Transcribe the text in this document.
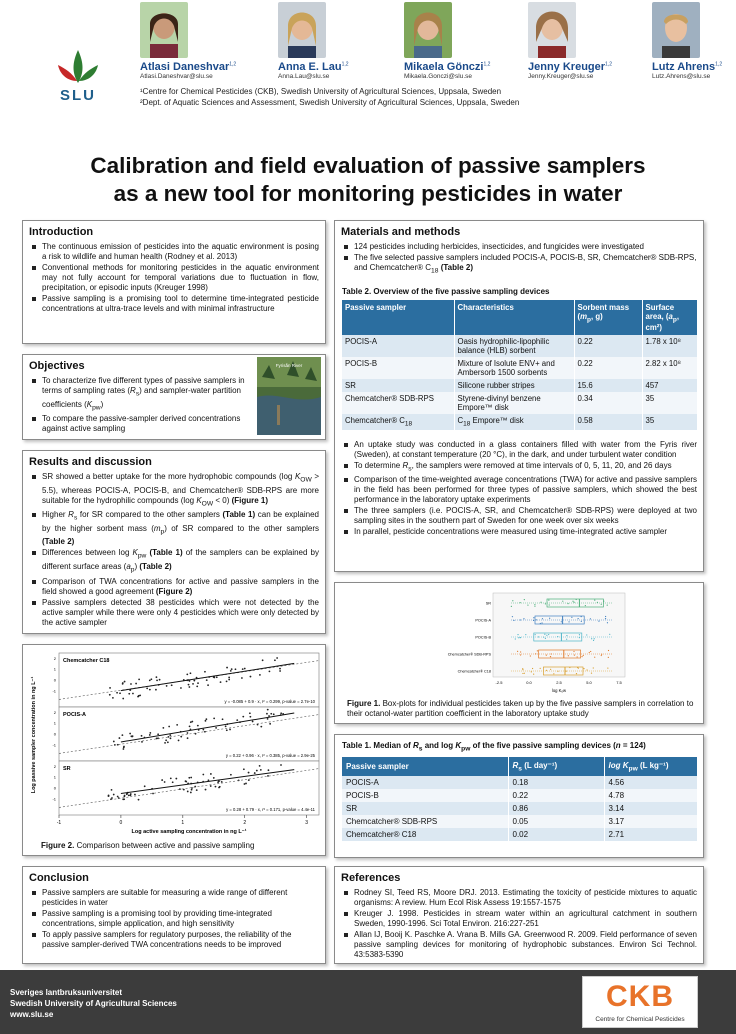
SLU
Atlasi Daneshvar$^{1,2}$
Atlasi.Daneshvar@slu.se
Anna E. Lau$^{1,2}$
Anna.Lau@slu.se
Mikaela Gönczi$^{1,2}$
Mikaela.Gonczi@slu.se
Jenny Kreuger$^{1,2}$
Jenny.Kreuger@slu.se
Lutz Ahrens$^{1,2}$
Lutz.Ahrens@slu.se
¹Centre for Chemical Pesticides (CKB), Swedish University of Agricultural Sciences, Uppsala, Sweden
²Dept. of Aquatic Sciences and Assessment, Swedish University of Agricultural Sciences, Uppsala, Sweden
Calibration and field evaluation of passive samplers
as a new tool for monitoring pesticides in water
Introduction
The continuous emission of pesticides into the aquatic environment is posing a risk to wildlife and human health (Rodney et al. 2013)
Conventional methods for monitoring pesticides in the aquatic environment may not fully account for temporal variations due to fluctuation in flow, precipitation, or episodic inputs (Kreuger 1998)
Passive sampling is a promising tool to determine time-integrated pesticide concentrations at ultra-trace levels and with minimal infrastructure
Objectives
To characterize five different types of passive samplers in terms of sampling rates $(R_s)$ and sampler-water partition coefficients $(K_{pw})$
To compare the passive-sampler derived concentrations against active sampling
Fyrisån River
Results and discussion
SR showed a better uptake for the more hydrophobic compounds (log $K_{OW} > 5.5$), whereas POCIS-A, POCIS-B, and Chemcatcher® SDB-RPS are more suitable for the hydrophilic compounds (log $K_{OW} < 0$) (Figure 1)
Higher $R_s$ for SR compared to the other samplers (Table 1) can be explained by the higher sorbent mass $(m_p)$ of SR compared to the other samplers (Table 2)
Differences between $\log K_{pw}$ (Table 1) of the samplers can be explained by different surface areas $(a_p)$ (Table 2)
Comparison of TWA concentrations for active and passive samplers in the field showed a good agreement (Figure 2)
Passive samplers detected 38 pesticides which were not detected by the active sampler while there were only 4 pesticides which were only detected by the active sampler
Chemcatcher C18
y = -0.085 + 0.9 · x, r² = 0.299, p-value = 2.7e-10
2
1
0
-1
POCIS-A
y = 0.22 + 0.96 · x, r² = 0.385, p-value = 2.9e-25
2
1
0
-1
SR
y = 0.28 + 0.79 · x, r² = 0.171, p-value = 4.4e-11
2
1
0
-1
-1	0	1	2	3
Log active sampling concentration in ng L⁻¹
Log passive sampler concentration in ng L⁻¹
Figure 2. Comparison between active and passive sampling
Conclusion
Passive samplers are suitable for measuring a wide range of different pesticides in water
Passive sampling is a promising tool by providing time-integrated concentrations, simple application, and high sensitivity
To apply passive samplers for regulatory purposes, the reliability of the passive sampler-derived TWA concentrations needs to be improved
Materials and methods
124 pesticides including herbicides, insecticides, and fungicides were investigated
The five selected passive samplers included POCIS-A, POCIS-B, SR, Chemcatcher® SDB-RPS, and Chemcatcher® $C_{18}$ (Table 2)
Table 2. Overview of the five passive sampling devices
Passive sampler	Characteristics	Sorbent mass ($m_p$, g)	Surface area, ($a_p$, cm²)
POCIS-A	Oasis hydrophilic-lipophilic balance (HLB) sorbent	0.22	1.78 x 10⁸
POCIS-B	Mixture of Isolute ENV+ and Ambersorb 1500 sorbents	0.22	2.82 x 10⁸
SR	Silicone rubber stripes	15.6	457
Chemcatcher® SDB-RPS	Styrene-divinyl benzene Empore™ disk	0.34	35
Chemcatcher® $C_{18}$	$C_{18}$ Empore™ disk	0.58	35
An uptake study was conducted in a glass containers filled with water from the Fyris river (Sweden), at constant temperature (20 °C), in the dark, and under turbulent water condition
To determine $R_s$, the samplers were removed at time intervals of 0, 5, 11, 20, and 26 days
Comparison of the time-weighted average concentrations (TWA) for active and passive samplers in the field has been performed for three types of passive samplers, which showed the best performance in the laboratory uptake experiments
The three samplers (i.e. POCIS-A, SR, and Chemcatcher® SDB-RPS) were deployed at two sampling sites in the southern part of Sweden for one week over six weeks
In parallel, pesticide concentrations were measured using time-integrated active sampler
SR
POCIS-A
POCIS-B
Chemcatcher® SDB-RPS
Chemcatcher® C18
-2.5	0.0	2.5	5.0	7.5
log Kₒw
Figure 1. Box-plots for individual pesticides taken up by the five passive samplers in correlation to their octanol-water partition coefficient in the laboratory uptake study
Table 1. Median of $R_s$ and $\log K_{pw}$ of the five passive sampling devices (n = 124)
Passive sampler	$R_s$ (L day⁻¹)	$\log K_{pw}$ (L kg⁻¹)
POCIS-A	0.18	4.56
POCIS-B	0.22	4.78
SR	0.86	3.14
Chemcatcher® SDB-RPS	0.05	3.17
Chemcatcher® C18	0.02	2.71
References
Rodney SI, Teed RS, Moore DRJ. 2013. Estimating the toxicity of pesticide mixtures to aquatic organisms: A review. Hum Ecol Risk Assess 19:1557-1575
Kreuger J. 1998. Pesticides in stream water within an agricultural catchment in southern Sweden, 1990-1996. Sci Total Environ. 216:227-251
Allan IJ, Booij K. Paschke A. Vrana B. Mills GA. Greenwood R. 2009. Field performance of seven passive sampling devices for monitoring of hydrophobic substances. Environ Sci Technol. 43:5383-5390
Sveriges lantbruksuniversitet
Swedish University of Agricultural Sciences
www.slu.se
CKB
Centre for Chemical Pesticides
